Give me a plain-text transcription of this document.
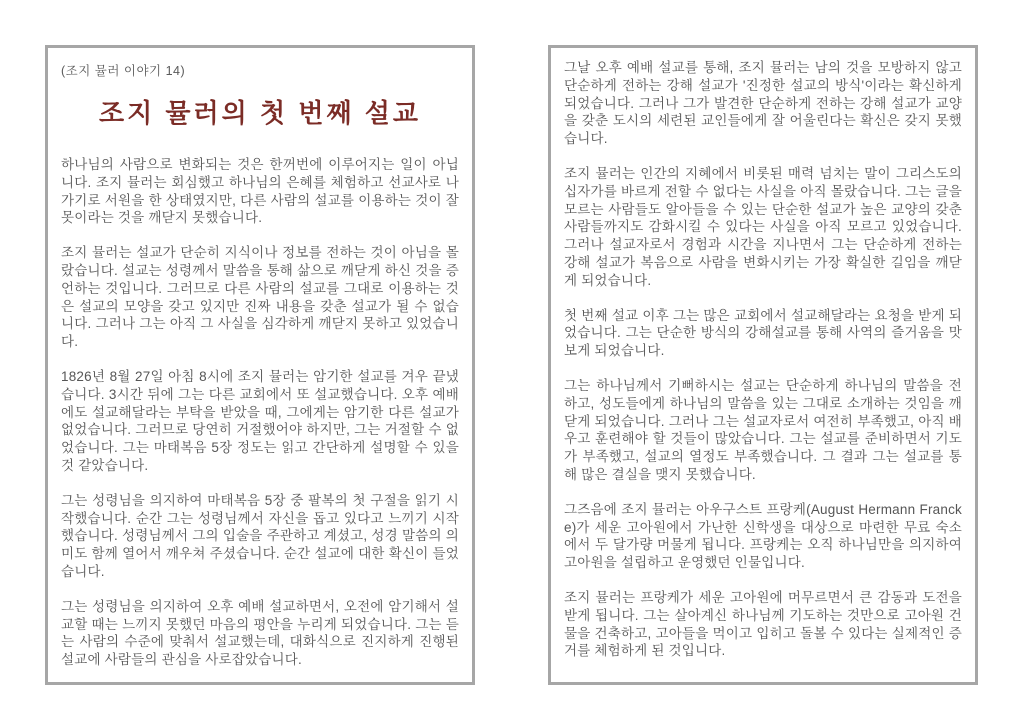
(조지 뮬러 이야기 14)
조지 뮬러의 첫 번째 설교

하나님의 사람으로 변화되는 것은 한꺼번에 이루어지는 일이 아닙니다. 조지 뮬러는 회심했고 하나님의 은혜를 체험하고 선교사로 나가기로 서원을 한 상태였지만, 다른 사람의 설교를 이용하는 것이 잘못이라는 것을 깨닫지 못했습니다.

조지 뮬러는 설교가 단순히 지식이나 정보를 전하는 것이 아님을 몰랐습니다. 설교는 성령께서 말씀을 통해 삶으로 깨닫게 하신 것을 증언하는 것입니다. 그러므로 다른 사람의 설교를 그대로 이용하는 것은 설교의 모양을 갖고 있지만 진짜 내용을 갖춘 설교가 될 수 없습니다. 그러나 그는 아직 그 사실을 심각하게 깨닫지 못하고 있었습니다.

1826년 8월 27일 아침 8시에 조지 뮬러는 암기한 설교를 겨우 끝냈습니다. 3시간 뒤에 그는 다른 교회에서 또 설교했습니다. 오후 예배에도 설교해달라는 부탁을 받았을 때, 그에게는 암기한 다른 설교가 없었습니다. 그러므로 당연히 거절했어야 하지만, 그는 거절할 수 없었습니다. 그는 마태복음 5장 정도는 읽고 간단하게 설명할 수 있을 것 같았습니다.

그는 성령님을 의지하여 마태복음 5장 중 팔복의 첫 구절을 읽기 시작했습니다. 순간 그는 성령님께서 자신을 돕고 있다고 느끼기 시작했습니다. 성령님께서 그의 입술을 주관하고 계셨고, 성경 말씀의 의미도 함께 열어서 깨우쳐 주셨습니다. 순간 설교에 대한 확신이 들었습니다.

그는 성령님을 의지하여 오후 예배 설교하면서, 오전에 암기해서 설교할 때는 느끼지 못했던 마음의 평안을 누리게 되었습니다. 그는 듣는 사람의 수준에 맞춰서 설교했는데, 대화식으로 진지하게 진행된 설교에 사람들의 관심을 사로잡았습니다.

그날 오후 예배 설교를 통해, 조지 뮬러는 남의 것을 모방하지 않고 단순하게 전하는 강해 설교가 '진정한 설교의 방식'이라는 확신하게 되었습니다. 그러나 그가 발견한 단순하게 전하는 강해 설교가 교양을 갖춘 도시의 세련된 교인들에게 잘 어울린다는 확신은 갖지 못했습니다.

조지 뮬러는 인간의 지혜에서 비롯된 매력 넘치는 말이 그리스도의 십자가를 바르게 전할 수 없다는 사실을 아직 몰랐습니다. 그는 글을 모르는 사람들도 알아들을 수 있는 단순한 설교가 높은 교양의 갖춘 사람들까지도 감화시킬 수 있다는 사실을 아직 모르고 있었습니다. 그러나 설교자로서 경험과 시간을 지나면서 그는 단순하게 전하는 강해 설교가 복음으로 사람을 변화시키는 가장 확실한 길임을 깨닫게 되었습니다.

첫 번째 설교 이후 그는 많은 교회에서 설교해달라는 요청을 받게 되었습니다. 그는 단순한 방식의 강해설교를 통해 사역의 즐거움을 맛보게 되었습니다.

그는 하나님께서 기뻐하시는 설교는 단순하게 하나님의 말씀을 전하고, 성도들에게 하나님의 말씀을 있는 그대로 소개하는 것임을 깨닫게 되었습니다. 그러나 그는 설교자로서 여전히 부족했고, 아직 배우고 훈련해야 할 것들이 많았습니다. 그는 설교를 준비하면서 기도가 부족했고, 설교의 열정도 부족했습니다. 그 결과 그는 설교를 통해 많은 결실을 맺지 못했습니다.

그즈음에 조지 뮬러는 아우구스트 프랑케(August Hermann Francke)가 세운 고아원에서 가난한 신학생을 대상으로 마련한 무료 숙소에서 두 달가량 머물게 됩니다. 프랑케는 오직 하나님만을 의지하여 고아원을 설립하고 운영했던 인물입니다.

조지 뮬러는 프랑케가 세운 고아원에 머무르면서 큰 감동과 도전을 받게 됩니다. 그는 살아계신 하나님께 기도하는 것만으로 고아원 건물을 건축하고, 고아들을 먹이고 입히고 돌볼 수 있다는 실제적인 증거를 체험하게 된 것입니다.
